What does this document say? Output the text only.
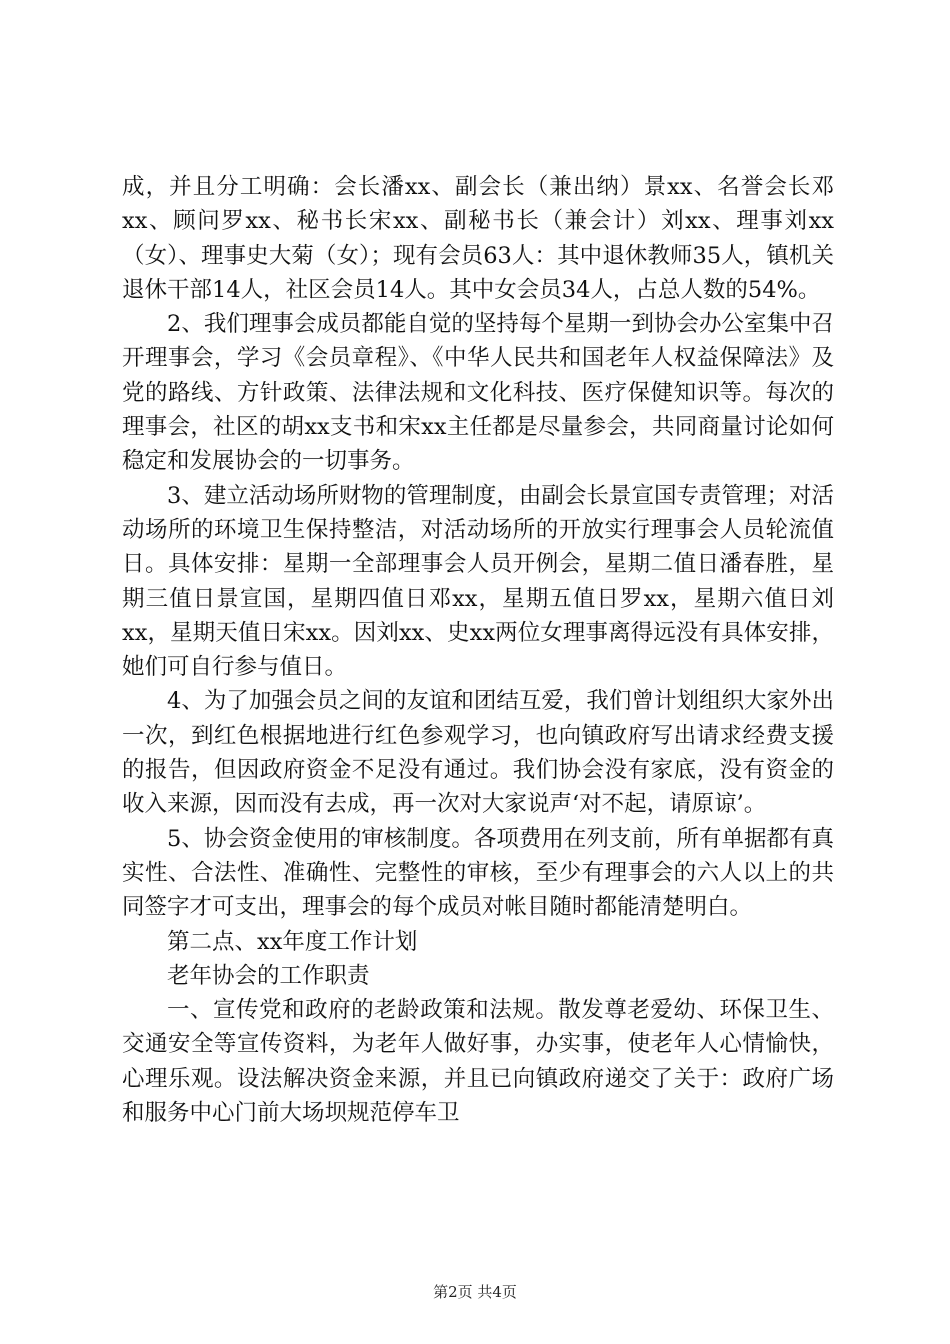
成，并且分工明确：会长潘xx、副会长（兼出纳）景xx、名誉会长邓xx、顾问罗xx、秘书长宋xx、副秘书长（兼会计）刘xx、理事刘xx（女）、理事史大菊（女）；现有会员63人：其中退休教师35人，镇机关退休干部14人，社区会员14人。其中女会员34人，占总人数的54%。

2、我们理事会成员都能自觉的坚持每个星期一到协会办公室集中召开理事会，学习《会员章程》、《中华人民共和国老年人权益保障法》及党的路线、方针政策、法律法规和文化科技、医疗保健知识等。每次的理事会，社区的胡xx支书和宋xx主任都是尽量参会，共同商量讨论如何稳定和发展协会的一切事务。

3、建立活动场所财物的管理制度，由副会长景宣国专责管理；对活动场所的环境卫生保持整洁，对活动场所的开放实行理事会人员轮流值日。具体安排：星期一全部理事会人员开例会，星期二值日潘春胜，星期三值日景宣国，星期四值日邓xx，星期五值日罗xx，星期六值日刘xx，星期天值日宋xx。因刘xx、史xx两位女理事离得远没有具体安排，她们可自行参与值日。

4、为了加强会员之间的友谊和团结互爱，我们曾计划组织大家外出一次，到红色根据地进行红色参观学习，也向镇政府写出请求经费支援的报告，但因政府资金不足没有通过。我们协会没有家底，没有资金的收入来源，因而没有去成，再一次对大家说声‘对不起，请原谅’。

5、协会资金使用的审核制度。各项费用在列支前，所有单据都有真实性、合法性、准确性、完整性的审核，至少有理事会的六人以上的共同签字才可支出，理事会的每个成员对帐目随时都能清楚明白。

第二点、xx年度工作计划

老年协会的工作职责

一、宣传党和政府的老龄政策和法规。散发尊老爱幼、环保卫生、交通安全等宣传资料，为老年人做好事，办实事，使老年人心情愉快，心理乐观。设法解决资金来源，并且已向镇政府递交了关于：政府广场和服务中心门前大场坝规范停车卫

第2页 共4页
